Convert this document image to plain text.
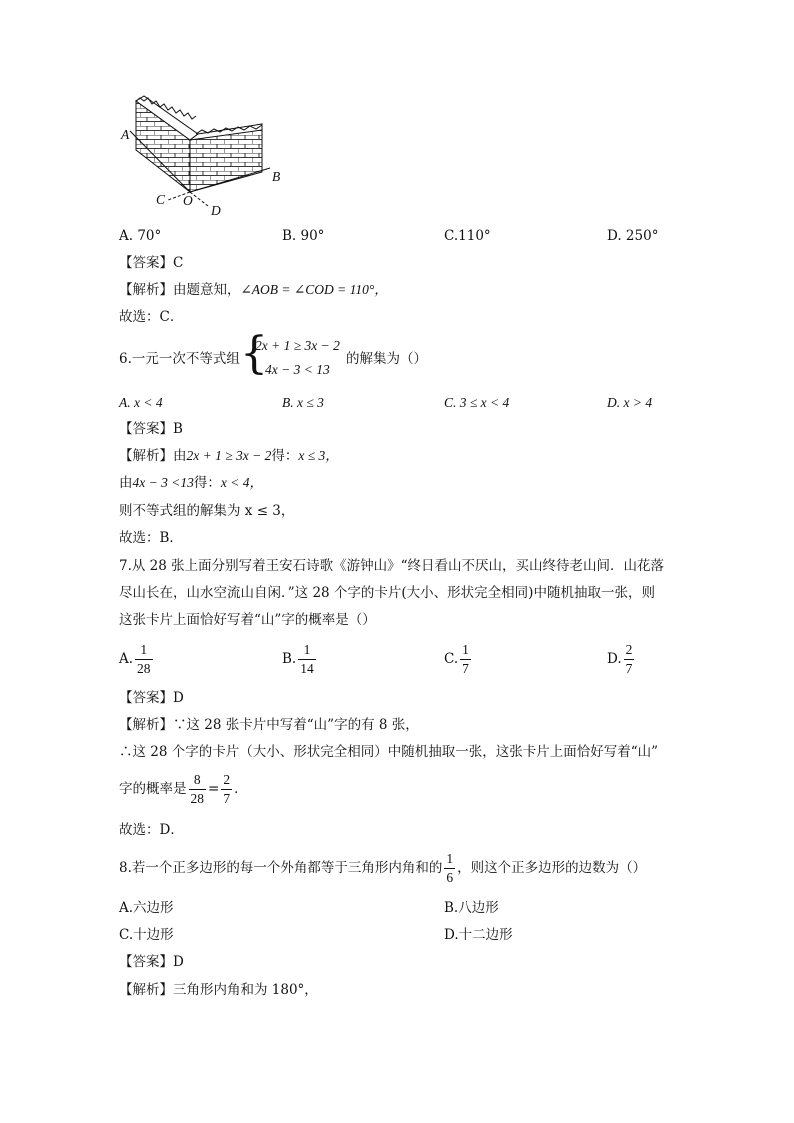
A
B
C O
D
A. 70°	B. 90°	C.110°	D. 250°
【答案】C
【解析】由题意知，∠AOB = ∠COD = 110°，
故选：C．
6.一元一次不等式组 {
2x + 1 ≥ 3x − 2
4x − 3 < 13
的解集为（）
A. x < 4	B. x ≤ 3	C. 3 ≤ x < 4	D. x > 4
【答案】B
【解析】由2x + 1 ≥ 3x − 2得：x ≤ 3，
由4x − 3 <13得：x < 4，
则不等式组的解集为 x ≤ 3，
故选：B．
7.从 28 张上面分别写着王安石诗歌《游钟山》“终日看山不厌山，买山终待老山间．山花落
尽山长在，山水空流山自闲．”这 28 个字的卡片(大小、形状完全相同)中随机抽取一张，则
这张卡片上面恰好写着“山”字的概率是（）
A. $\frac{1}{28}$	B. $\frac{1}{14}$	C. $\frac{1}{7}$	D. $\frac{2}{7}$
【答案】D
【解析】∵这 28 张卡片中写着“山”字的有 8 张，
∴这 28 个字的卡片（大小、形状完全相同）中随机抽取一张，这张卡片上面恰好写着“山”
字的概率是 $\frac{8}{28} = \frac{2}{7}$ ．
故选：D．
8.若一个正多边形的每一个外角都等于三角形内角和的 $\frac{1}{6}$ ，则这个正多边形的边数为（）
A.六边形	B.八边形
C.十边形	D.十二边形
【答案】D
【解析】三角形内角和为 180°，
